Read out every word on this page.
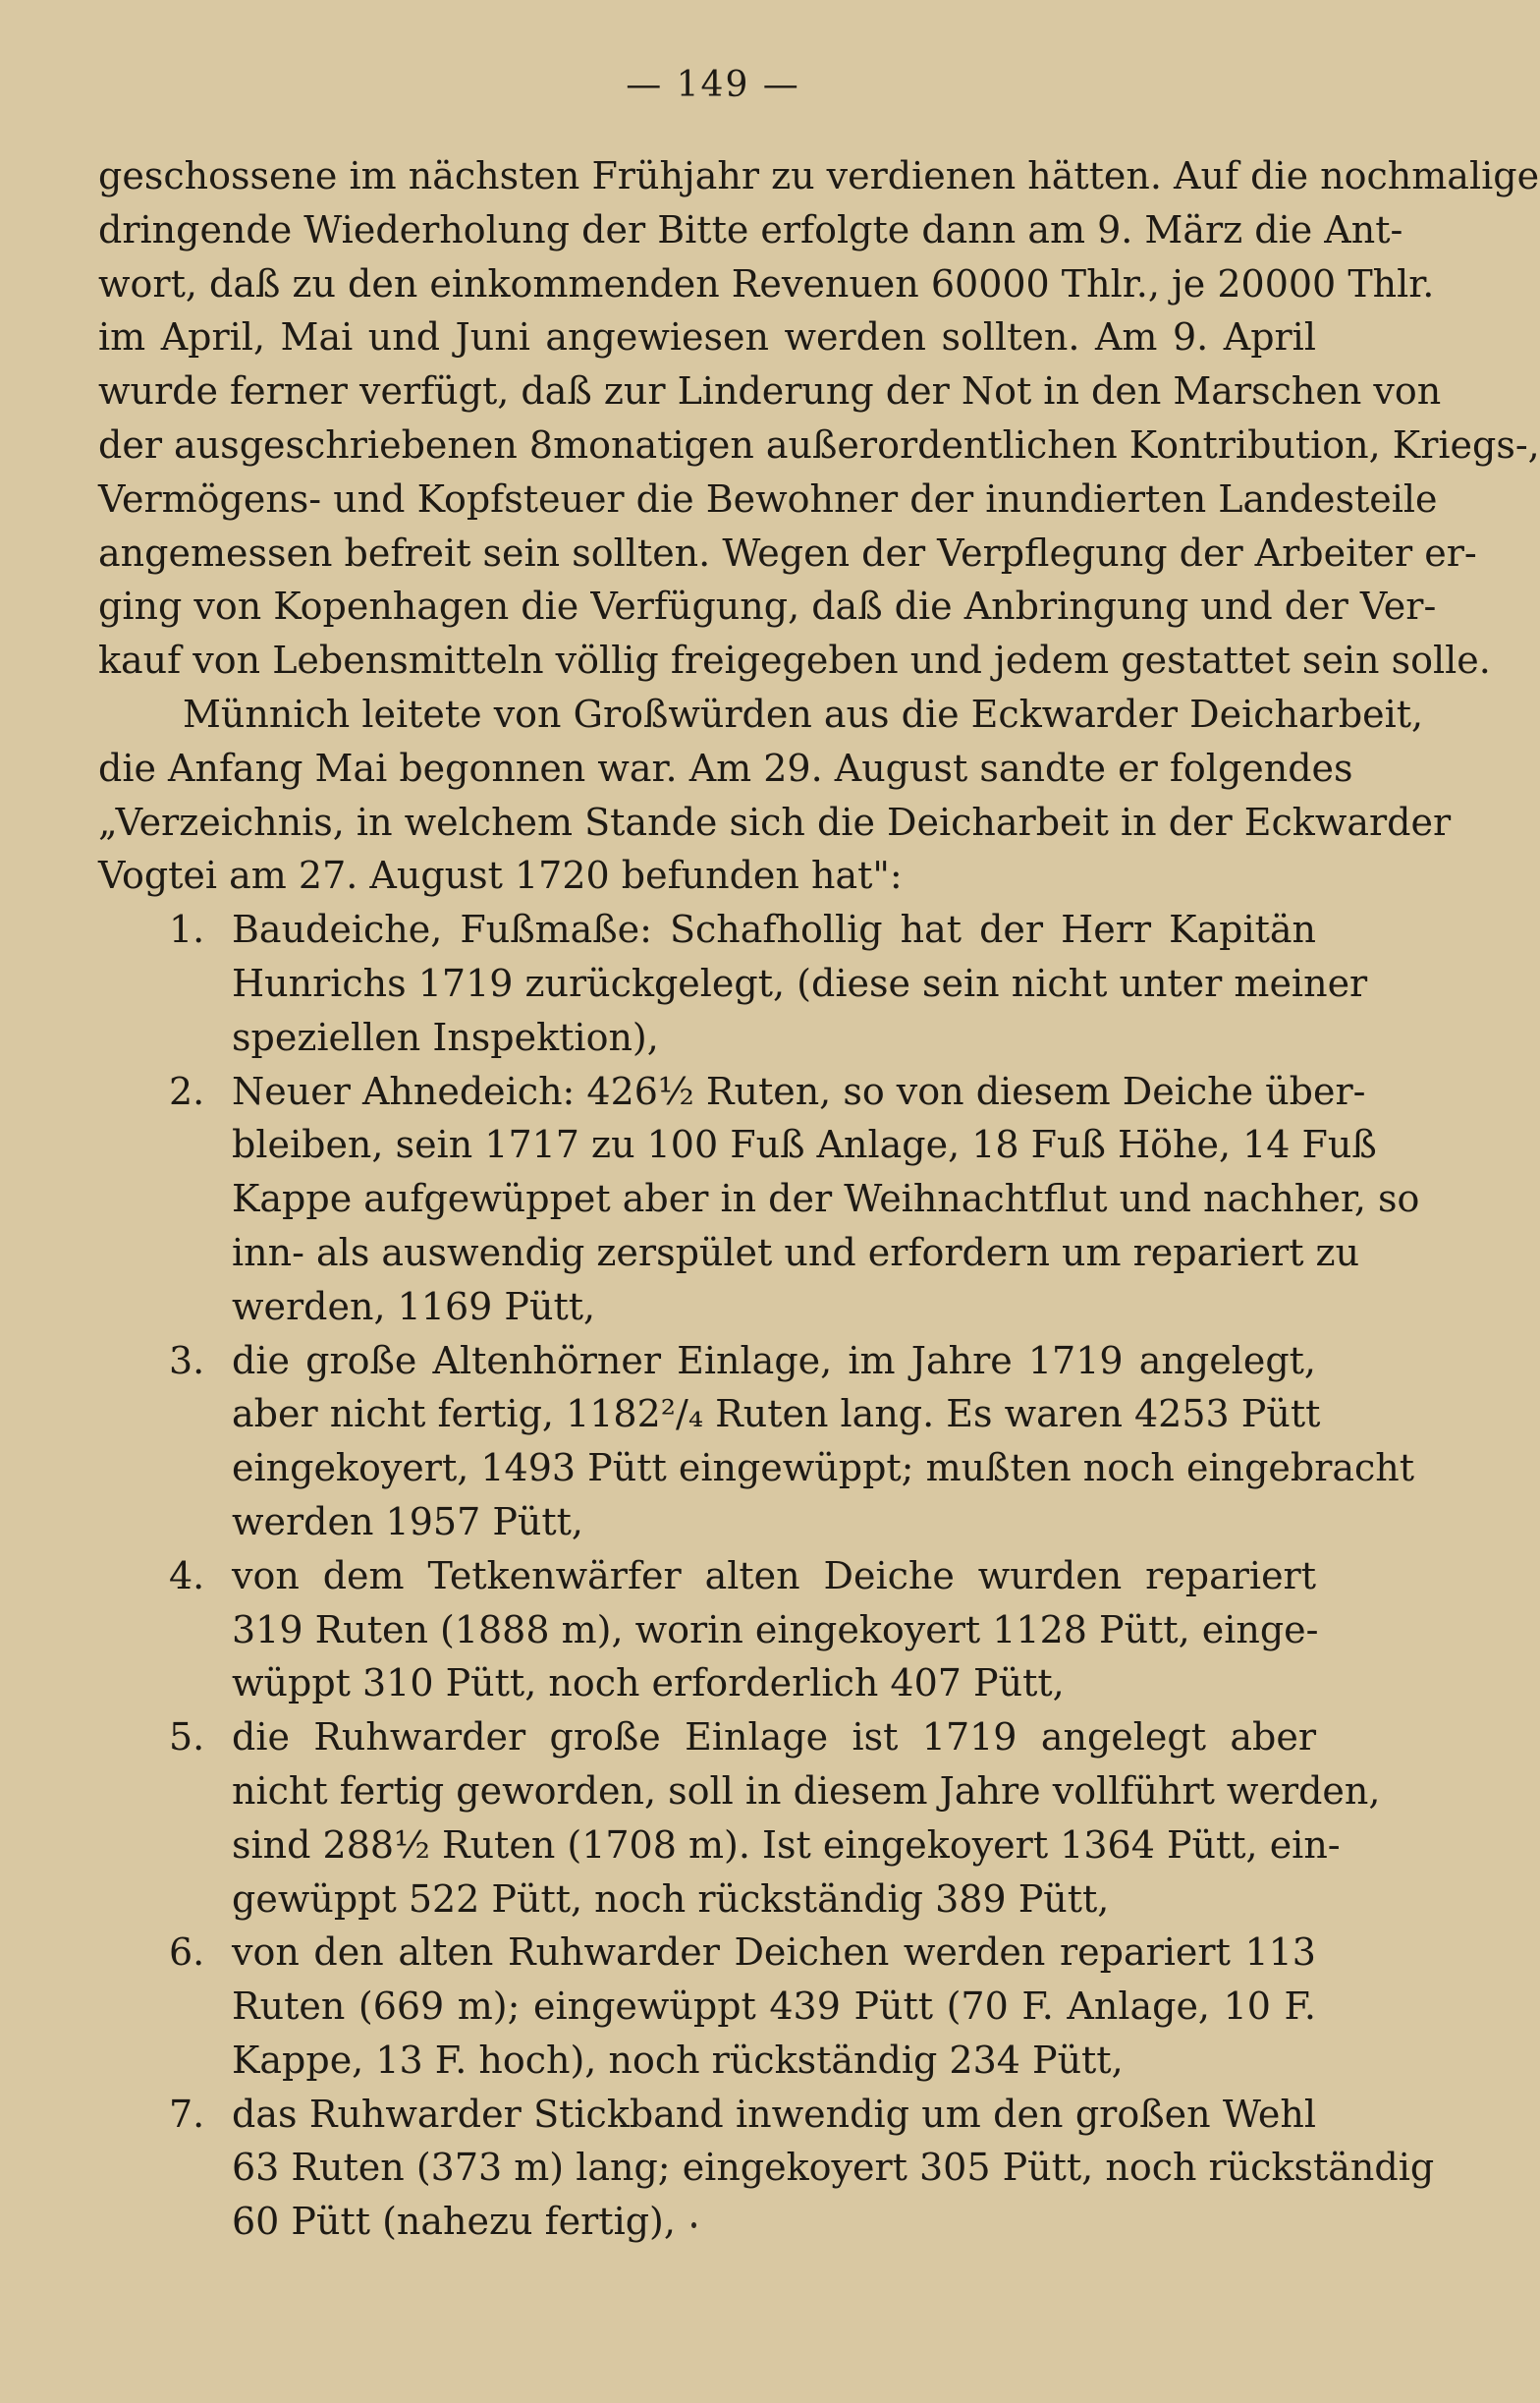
— 149 —
geschossene im nächsten Frühjahr zu verdienen hätten. Auf die nochmalige
dringende Wiederholung der Bitte erfolgte dann am 9. März die Ant-
wort, daß zu den einkommenden Revenuen 60000 Thlr., je 20000 Thlr.
im April, Mai und Juni angewiesen werden sollten. Am 9. April
wurde ferner verfügt, daß zur Linderung der Not in den Marschen von
der ausgeschriebenen 8monatigen außerordentlichen Kontribution, Kriegs-,
Vermögens- und Kopfsteuer die Bewohner der inundierten Landesteile
angemessen befreit sein sollten. Wegen der Verpflegung der Arbeiter er-
ging von Kopenhagen die Verfügung, daß die Anbringung und der Ver-
kauf von Lebensmitteln völlig freigegeben und jedem gestattet sein solle.
Münnich leitete von Großwürden aus die Eckwarder Deicharbeit,
die Anfang Mai begonnen war. Am 29. August sandte er folgendes
„Verzeichnis, in welchem Stande sich die Deicharbeit in der Eckwarder
Vogtei am 27. August 1720 befunden hat":
1. Baudeiche, Fußmaße: Schafhollig hat der Herr Kapitän
Hunrichs 1719 zurückgelegt, (diese sein nicht unter meiner
speziellen Inspektion),
2. Neuer Ahnedeich: 426½ Ruten, so von diesem Deiche über-
bleiben, sein 1717 zu 100 Fuß Anlage, 18 Fuß Höhe, 14 Fuß
Kappe aufgewüppet aber in der Weihnachtflut und nachher, so
inn- als auswendig zerspület und erfordern um repariert zu
werden, 1169 Pütt,
3. die große Altenhörner Einlage, im Jahre 1719 angelegt,
aber nicht fertig, 1182²/₄ Ruten lang. Es waren 4253 Pütt
eingekoyert, 1493 Pütt eingewüppt; mußten noch eingebracht
werden 1957 Pütt,
4. von dem Tetkenwärfer alten Deiche wurden repariert
319 Ruten (1888 m), worin eingekoyert 1128 Pütt, einge-
wüppt 310 Pütt, noch erforderlich 407 Pütt,
5. die Ruhwarder große Einlage ist 1719 angelegt aber
nicht fertig geworden, soll in diesem Jahre vollführt werden,
sind 288½ Ruten (1708 m). Ist eingekoyert 1364 Pütt, ein-
gewüppt 522 Pütt, noch rückständig 389 Pütt,
6. von den alten Ruhwarder Deichen werden repariert 113
Ruten (669 m); eingewüppt 439 Pütt (70 F. Anlage, 10 F.
Kappe, 13 F. hoch), noch rückständig 234 Pütt,
7. das Ruhwarder Stickband inwendig um den großen Wehl
63 Ruten (373 m) lang; eingekoyert 305 Pütt, noch rückständig
60 Pütt (nahezu fertig),
